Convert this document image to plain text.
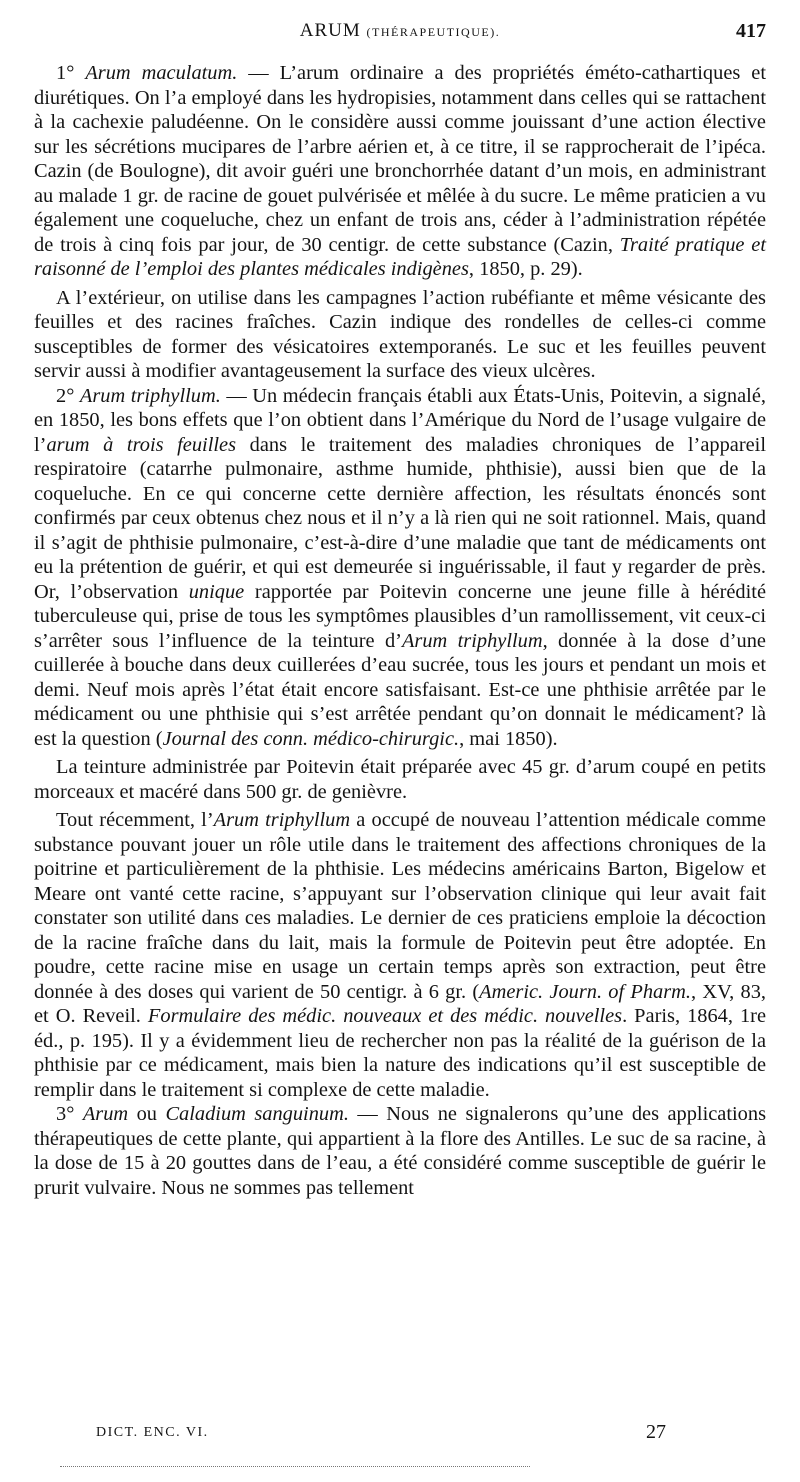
ARUM (THÉRAPEUTIQUE).	417

1° Arum maculatum. — L’arum ordinaire a des propriétés éméto-cathartiques et diurétiques. On l’a employé dans les hydropisies, notamment dans celles qui se rattachent à la cachexie paludéenne. On le considère aussi comme jouissant d’une action élective sur les sécrétions mucipares de l’arbre aérien et, à ce titre, il se rapprocherait de l’ipéca. Cazin (de Boulogne), dit avoir guéri une bronchorrhée datant d’un mois, en administrant au malade 1 gr. de racine de gouet pulvérisée et mêlée à du sucre. Le même praticien a vu également une coqueluche, chez un enfant de trois ans, céder à l’administration répétée de trois à cinq fois par jour, de 30 centigr. de cette substance (Cazin, Traité pratique et raisonné de l’emploi des plantes médicales indigènes, 1850, p. 29).

A l’extérieur, on utilise dans les campagnes l’action rubéfiante et même vésicante des feuilles et des racines fraîches. Cazin indique des rondelles de celles-ci comme susceptibles de former des vésicatoires extemporanés. Le suc et les feuilles peuvent servir aussi à modifier avantageusement la surface des vieux ulcères.

2° Arum triphyllum. — Un médecin français établi aux États-Unis, Poitevin, a signalé, en 1850, les bons effets que l’on obtient dans l’Amérique du Nord de l’usage vulgaire de l’arum à trois feuilles dans le traitement des maladies chroniques de l’appareil respiratoire (catarrhe pulmonaire, asthme humide, phthisie), aussi bien que de la coqueluche. En ce qui concerne cette dernière affection, les résultats énoncés sont confirmés par ceux obtenus chez nous et il n’y a là rien qui ne soit rationnel. Mais, quand il s’agit de phthisie pulmonaire, c’est-à-dire d’une maladie que tant de médicaments ont eu la prétention de guérir, et qui est demeurée si inguérissable, il faut y regarder de près. Or, l’observation unique rapportée par Poitevin concerne une jeune fille à hérédité tuberculeuse qui, prise de tous les symptômes plausibles d’un ramollissement, vit ceux-ci s’arrêter sous l’influence de la teinture d’Arum triphyllum, donnée à la dose d’une cuillerée à bouche dans deux cuillerées d’eau sucrée, tous les jours et pendant un mois et demi. Neuf mois après l’état était encore satisfaisant. Est-ce une phthisie arrêtée par le médicament ou une phthisie qui s’est arrêtée pendant qu’on donnait le médicament? là est la question (Journal des conn. médico-chirurgic., mai 1850).

La teinture administrée par Poitevin était préparée avec 45 gr. d’arum coupé en petits morceaux et macéré dans 500 gr. de genièvre.

Tout récemment, l’Arum triphyllum a occupé de nouveau l’attention médicale comme substance pouvant jouer un rôle utile dans le traitement des affections chroniques de la poitrine et particulièrement de la phthisie. Les médecins américains Barton, Bigelow et Meare ont vanté cette racine, s’appuyant sur l’observation clinique qui leur avait fait constater son utilité dans ces maladies. Le dernier de ces praticiens emploie la décoction de la racine fraîche dans du lait, mais la formule de Poitevin peut être adoptée. En poudre, cette racine mise en usage un certain temps après son extraction, peut être donnée à des doses qui varient de 50 centigr. à 6 gr. (Americ. Journ. of Pharm., XV, 83, et O. Reveil. Formulaire des médic. nouveaux et des médic. nouvelles. Paris, 1864, 1re éd., p. 195). Il y a évidemment lieu de rechercher non pas la réalité de la guérison de la phthisie par ce médicament, mais bien la nature des indications qu’il est susceptible de remplir dans le traitement si complexe de cette maladie.

3° Arum ou Caladium sanguinum. — Nous ne signalerons qu’une des applications thérapeutiques de cette plante, qui appartient à la flore des Antilles. Le suc de sa racine, à la dose de 15 à 20 gouttes dans de l’eau, a été considéré comme susceptible de guérir le prurit vulvaire. Nous ne sommes pas tellement

DICT. ENC. VI.	27
